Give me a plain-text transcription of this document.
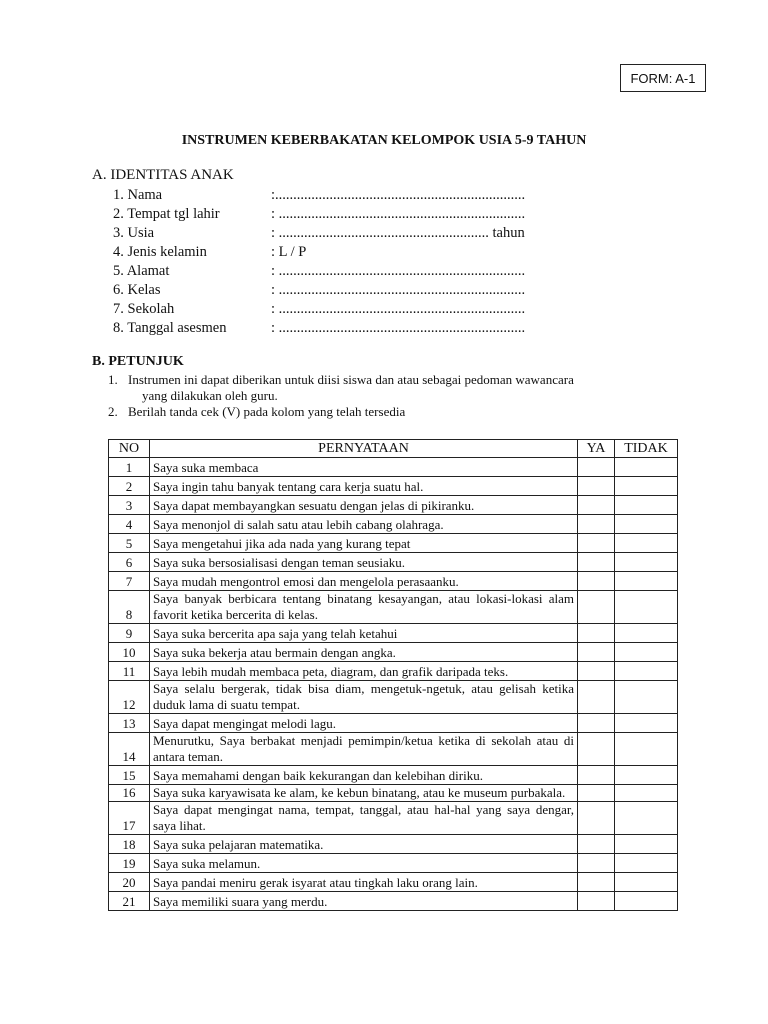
FORM: A-1
INSTRUMEN KEBERBAKATAN KELOMPOK USIA 5-9 TAHUN
A. IDENTITAS ANAK
1. Nama	:.....................................................................
2. Tempat tgl lahir	: ....................................................................
3. Usia	: .......................................................... tahun
4. Jenis kelamin	: L / P
5. Alamat	: ....................................................................
6. Kelas	: ....................................................................
7. Sekolah	: ....................................................................
8. Tanggal asesmen	: ....................................................................
B. PETUNJUK
1. Instrumen ini dapat diberikan untuk diisi siswa dan atau sebagai pedoman wawancara
yang dilakukan oleh guru.
2. Berilah tanda cek (V) pada kolom yang telah tersedia
NO	PERNYATAAN	YA	TIDAK
1	Saya suka membaca		
2	Saya ingin tahu banyak tentang cara kerja suatu hal.		
3	Saya dapat membayangkan sesuatu dengan jelas di pikiranku.		
4	Saya menonjol di salah satu atau lebih cabang olahraga.		
5	Saya mengetahui jika ada nada yang kurang tepat		
6	Saya suka bersosialisasi dengan teman seusiaku.		
7	Saya mudah mengontrol emosi dan mengelola perasaanku.		
8	Saya banyak berbicara tentang binatang kesayangan, atau lokasi-lokasi alam favorit ketika bercerita di kelas.		
9	Saya suka bercerita apa saja yang telah ketahui		
10	Saya suka bekerja atau bermain dengan angka.		
11	Saya lebih mudah membaca peta, diagram, dan grafik daripada teks.		
12	Saya selalu bergerak, tidak bisa diam, mengetuk-ngetuk, atau gelisah ketika duduk lama di suatu tempat.		
13	Saya dapat mengingat melodi lagu.		
14	Menurutku, Saya berbakat menjadi pemimpin/ketua ketika di sekolah atau di antara teman.		
15	Saya memahami dengan baik kekurangan dan kelebihan diriku.		
16	Saya suka karyawisata ke alam, ke kebun binatang, atau ke museum purbakala.		
17	Saya dapat mengingat nama, tempat, tanggal, atau hal-hal yang saya dengar, saya lihat.		
18	Saya suka pelajaran matematika.		
19	Saya suka melamun.		
20	Saya pandai meniru gerak isyarat atau tingkah laku orang lain.		
21	Saya memiliki suara yang merdu.		
